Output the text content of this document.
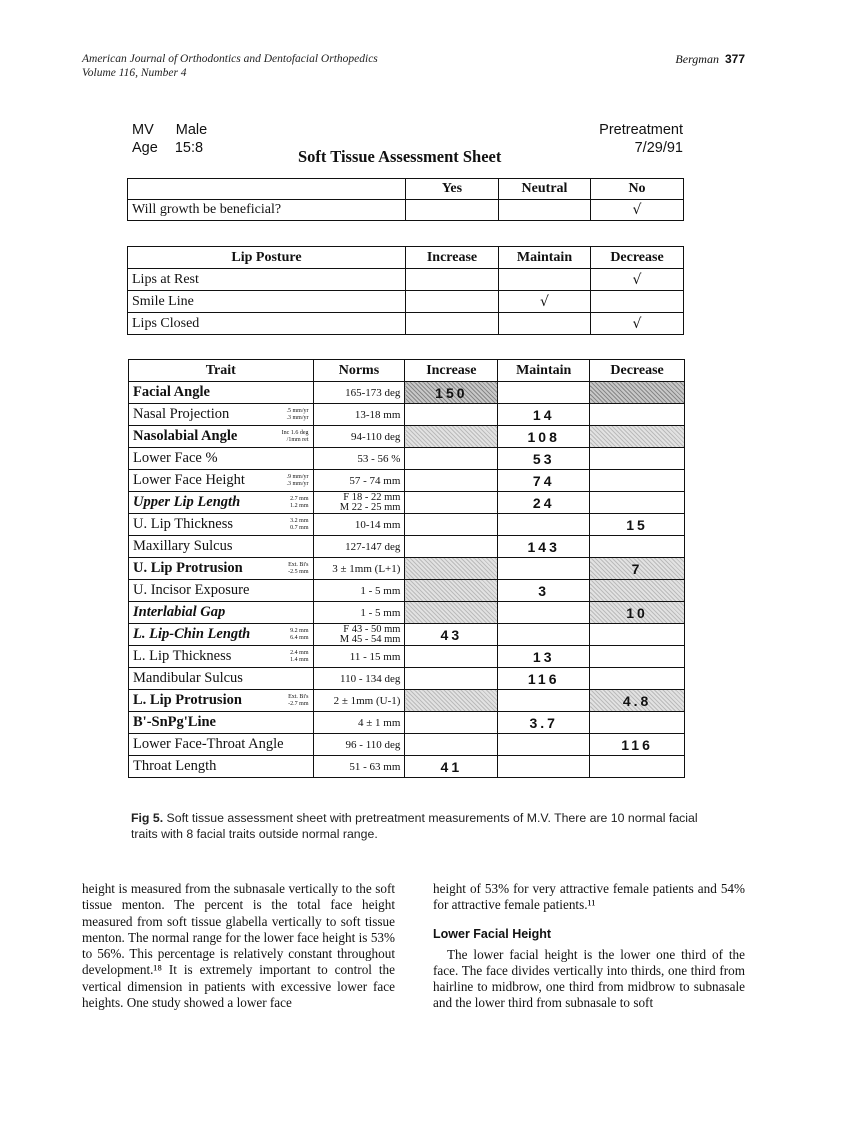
American Journal of Orthodontics and Dentofacial Orthopedics
Volume 116, Number 4
Bergman 377
MV Male
Age 15:8	Soft Tissue Assessment Sheet
Pretreatment
7/29/91
	Yes	Neutral	No
Will growth be beneficial?			√
Lip Posture	Increase	Maintain	Decrease
Lips at Rest			√
Smile Line		√	
Lips Closed			√
Trait	Norms	Increase	Maintain	Decrease
Facial Angle	165-173 deg	150		

.5 mm/yr
.3 mm/yr
Nasal Projection	13-18 mm		14	

Inc 1.6 deg
/1mm ret
Nasolabial Angle	94-110 deg		108	
Lower Face %	53 - 56 %		53	

.9 mm/yr
.3 mm/yr
Lower Face Height	57 - 74 mm		74	

2.7 mm
1.2 mm
Upper Lip Length	F 18 - 22 mm
M 22 - 25 mm		24	

3.2 mm
0.7 mm
U. Lip Thickness	10-14 mm			15
Maxillary Sulcus	127-147 deg		143	

Ext. Bi's
-2.5 mm
U. Lip Protrusion	3 ± 1mm (L+1)			7
U. Incisor Exposure	1 - 5 mm		3	
Interlabial Gap	1 - 5 mm			10

9.2 mm
6.4 mm
L. Lip-Chin Length	F 43 - 50 mm
M 45 - 54 mm	43		

2.4 mm
1.4 mm
L. Lip Thickness	11 - 15 mm		13	
Mandibular Sulcus	110 - 134 deg		116	

Ext. Bi's
-2.7 mm
L. Lip Protrusion	2 ± 1mm (U-1)			4.8
B'-SnPg'Line	4 ± 1 mm		3.7	
Lower Face-Throat Angle	96 - 110 deg			116
Throat Length	51 - 63 mm	41		
Fig 5. Soft tissue assessment sheet with pretreatment measurements of M.V. There are 10 normal facial traits with 8 facial traits outside normal range.

height is measured from the subnasale vertically to the soft tissue menton. The percent is the total face height measured from soft tissue glabella vertically to soft tissue menton. The normal range for the lower face height is 53% to 56%. This percentage is relatively constant throughout development.¹⁸ It is extremely important to control the vertical dimension in patients with excessive lower face heights. One study showed a lower face

height of 53% for very attractive female patients and 54% for attractive female patients.¹¹

Lower Facial Height

The lower facial height is the lower one third of the face. The face divides vertically into thirds, one third from hairline to midbrow, one third from midbrow to subnasale and the lower third from subnasale to soft
